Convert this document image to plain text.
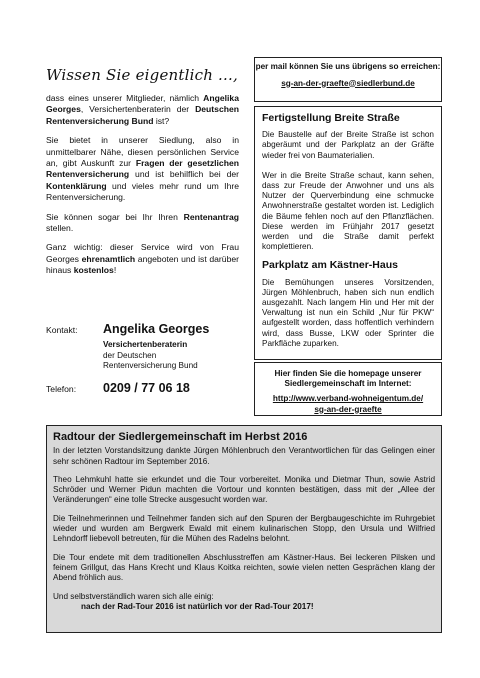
Wissen Sie eigentlich ...,

dass eines unserer Mitglieder, nämlich Angelika Georges, Versichertenberaterin der Deutschen Rentenversicherung Bund ist?

Sie bietet in unserer Siedlung, also in unmittelbarer Nähe, diesen persönlichen Service an, gibt Auskunft zur Fragen der gesetzlichen Rentenversicherung und ist behilflich bei der Kontenklärung und vieles mehr rund um Ihre Rentenversicherung.

Sie können sogar bei Ihr Ihren Rentenantrag stellen.

Ganz wichtig: dieser Service wird von Frau Georges ehrenamtlich angeboten und ist darüber hinaus kostenlos!

Kontakt:	Angelika Georges
Versichertenberaterin
der Deutschen
Rentenversicherung Bund
Telefon:	0209 / 77 06 18
per mail können Sie uns übrigens so erreichen:
sg-an-der-graefte@siedlerbund.de
Fertigstellung Breite Straße

Die Baustelle auf der Breite Straße ist schon abgeräumt und der Parkplatz an der Gräfte wieder frei von Baumaterialien.

Wer in die Breite Straße schaut, kann sehen, dass zur Freude der Anwohner und uns als Nutzer der Querverbindung eine schmucke Anwohnerstraße gestaltet worden ist. Lediglich die Bäume fehlen noch auf den Pflanzflächen. Diese werden im Frühjahr 2017 gesetzt werden und die Straße damit perfekt komplettieren.

Parkplatz am Kästner-Haus

Die Bemühungen unseres Vorsitzenden, Jürgen Möhlenbruch, haben sich nun endlich ausgezahlt. Nach langem Hin und Her mit der Verwaltung ist nun ein Schild „Nur für PKW“ aufgestellt worden, dass hoffentlich verhindern wird, dass Busse, LKW oder Sprinter die Parkfläche zuparken.

Hier finden Sie die homepage unserer Siedlergemeinschaft im Internet:
http://www.verband-wohneigentum.de/
sg-an-der-graefte
Radtour der Siedlergemeinschaft im Herbst 2016

In der letzten Vorstandsitzung dankte Jürgen Möhlenbruch den Verantwortlichen für das Gelingen einer sehr schönen Radtour im September 2016.

Theo Lehmkuhl hatte sie erkundet und die Tour vorbereitet. Monika und Dietmar Thun, sowie Astrid Schröder und Werner Pidun machten die Vortour und konnten bestätigen, dass mit der „Allee der Veränderungen“ eine tolle Strecke ausgesucht worden war.

Die Teilnehmerinnen und Teilnehmer fanden sich auf den Spuren der Bergbaugeschichte im Ruhrgebiet wieder und wurden am Bergwerk Ewald mit einem kulinarischen Stopp, den Ursula und Wilfried Lehndorff liebevoll betreuten, für die Mühen des Radelns belohnt.

Die Tour endete mit dem traditionellen Abschlusstreffen am Kästner-Haus. Bei leckeren Pilsken und feinem Grillgut, das Hans Krecht und Klaus Koitka reichten, sowie vielen netten Gesprächen klang der Abend fröhlich aus.

Und selbstverständlich waren sich alle einig:

nach der Rad-Tour 2016 ist natürlich vor der Rad-Tour 2017!
